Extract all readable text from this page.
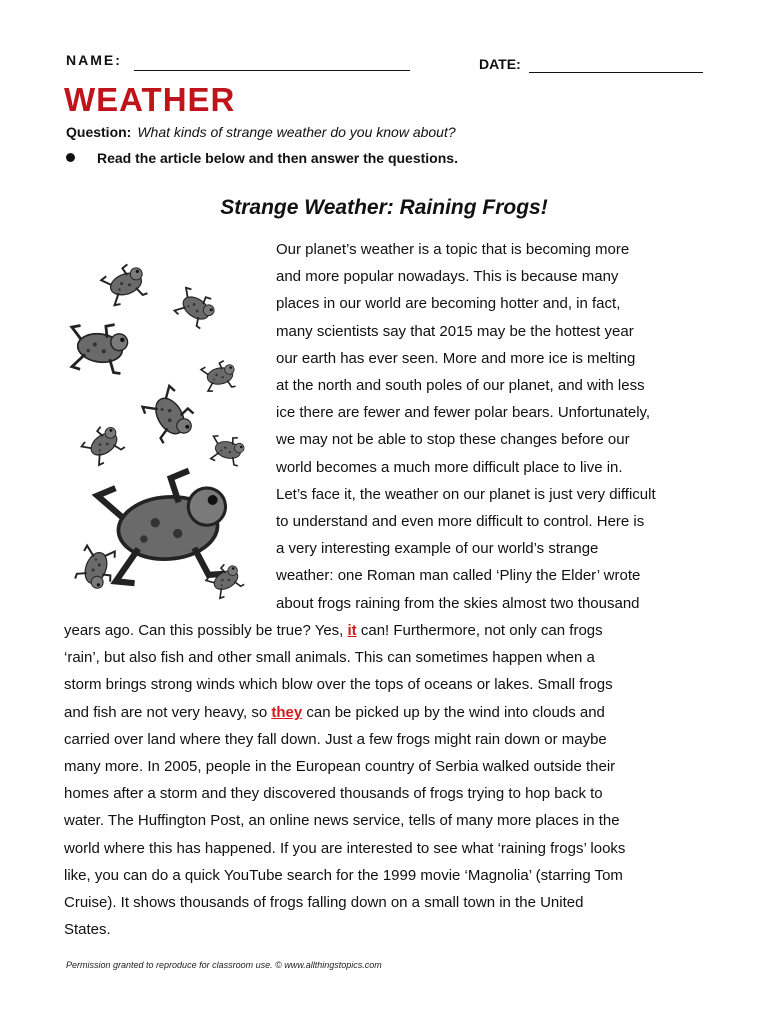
NAME:	DATE:
WEATHER
Question: What kinds of strange weather do you know about?
Read the article below and then answer the questions.
Strange Weather: Raining Frogs!

Our planet’s weather is a topic that is becoming more
and more popular nowadays. This is because many
places in our world are becoming hotter and, in fact,
many scientists say that 2015 may be the hottest year
our earth has ever seen. More and more ice is melting
at the north and south poles of our planet, and with less
ice there are fewer and fewer polar bears. Unfortunately,
we may not be able to stop these changes before our
world becomes a much more difficult place to live in.
Let’s face it, the weather on our planet is just very difficult
to understand and even more difficult to control. Here is
a very interesting example of our world’s strange
weather: one Roman man called ‘Pliny the Elder’ wrote
about frogs raining from the skies almost two thousand

years ago. Can this possibly be true? Yes, it can! Furthermore, not only can frogs
‘rain’, but also fish and other small animals. This can sometimes happen when a
storm brings strong winds which blow over the tops of oceans or lakes. Small frogs
and fish are not very heavy, so they can be picked up by the wind into clouds and
carried over land where they fall down. Just a few frogs might rain down or maybe
many more. In 2005, people in the European country of Serbia walked outside their
homes after a storm and they discovered thousands of frogs trying to hop back to
water. The Huffington Post, an online news service, tells of many more places in the
world where this has happened. If you are interested to see what ‘raining frogs’ looks
like, you can do a quick YouTube search for the 1999 movie ‘Magnolia’ (starring Tom
Cruise). It shows thousands of frogs falling down on a small town in the United
States.

Permission granted to reproduce for classroom use. © www.allthingstopics.com
